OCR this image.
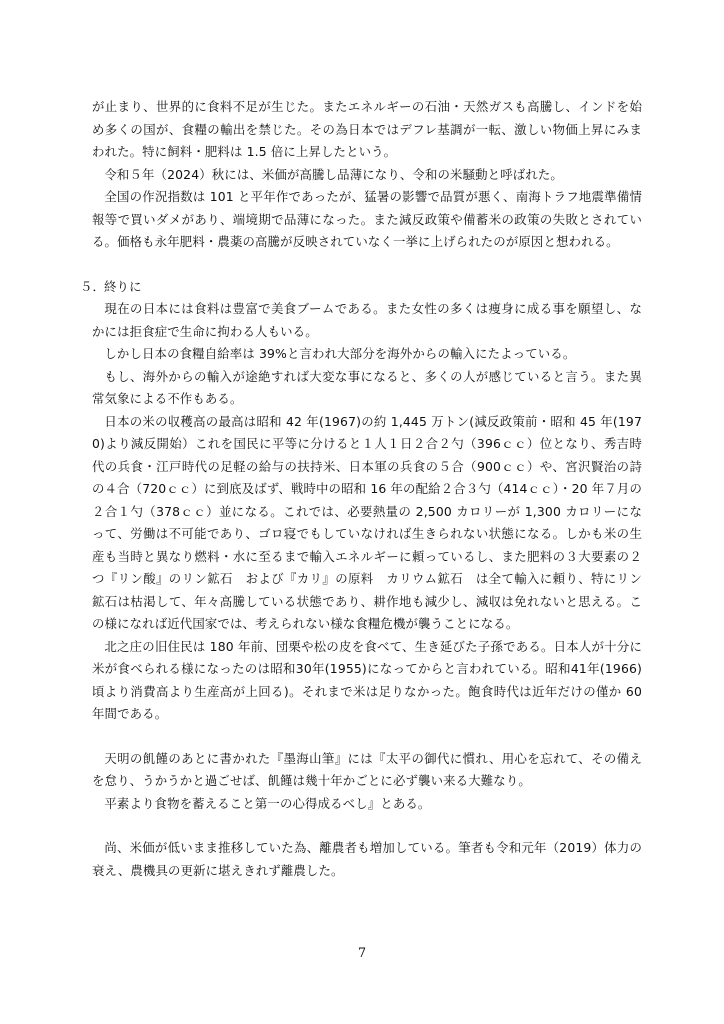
が止まり、世界的に食料不足が生じた。またエネルギーの石油・天然ガスも高騰し、インドを始め多くの国が、食糧の輸出を禁じた。その為日本ではデフレ基調が一転、激しい物価上昇にみまわれた。特に飼料・肥料は 1.5 倍に上昇したという。

令和５年（2024）秋には、米価が高騰し品薄になり、令和の米騒動と呼ばれた。

全国の作況指数は 101 と平年作であったが、猛暑の影響で品質が悪く、南海トラフ地震準備情報等で買いダメがあり、端境期で品薄になった。また減反政策や備蓄米の政策の失敗とされている。価格も永年肥料・農薬の高騰が反映されていなく一挙に上げられたのが原因と想われる。

５．終りに

現在の日本には食料は豊富で美食ブームである。また女性の多くは痩身に成る事を願望し、なかには拒食症で生命に拘わる人もいる。

しかし日本の食糧自給率は 39%と言われ大部分を海外からの輸入にたよっている。

もし、海外からの輸入が途絶すれば大変な事になると、多くの人が感じていると言う。また異常気象による不作もある。

日本の米の収穫高の最高は昭和 42 年(1967)の約 1,445 万トン(減反政策前・昭和 45 年(1970)より減反開始）これを国民に平等に分けると１人１日２合２勺（396ｃｃ）位となり、秀吉時代の兵食・江戸時代の足軽の給与の扶持米、日本軍の兵食の５合（900ｃｃ）や、宮沢賢治の詩の４合（720ｃｃ）に到底及ばず、戦時中の昭和 16 年の配給２合３勺（414ｃｃ）・20 年７月の２合１勺（378ｃｃ）並になる。これでは、必要熱量の 2,500 カロリーが 1,300 カロリーになって、労働は不可能であり、ゴロ寝でもしていなければ生きられない状態になる。しかも米の生産も当時と異なり燃料・水に至るまで輸入エネルギーに頼っているし、また肥料の３大要素の２つ『リン酸』のリン鉱石　および『カリ』の原料　カリウム鉱石　は全て輸入に頼り、特にリン鉱石は枯渇して、年々高騰している状態であり、耕作地も減少し、減収は免れないと思える。この様になれば近代国家では、考えられない様な食糧危機が襲うことになる。

北之庄の旧住民は 180 年前、団栗や松の皮を食べて、生き延びた子孫である。日本人が十分に米が食べられる様になったのは昭和30年(1955)になってからと言われている。昭和41年(1966)頃より消費高より生産高が上回る)。それまで米は足りなかった。飽食時代は近年だけの僅か 60 年間である。

天明の飢饉のあとに書かれた『墨海山筆』には『太平の御代に慣れ、用心を忘れて、その備えを怠り、うかうかと過ごせば、飢饉は幾十年かごとに必ず襲い来る大難なり。

平素より食物を蓄えること第一の心得成るべし』とある。

尚、米価が低いまま推移していた為、離農者も増加している。筆者も令和元年（2019）体力の衰え、農機具の更新に堪えきれず離農した。

7
